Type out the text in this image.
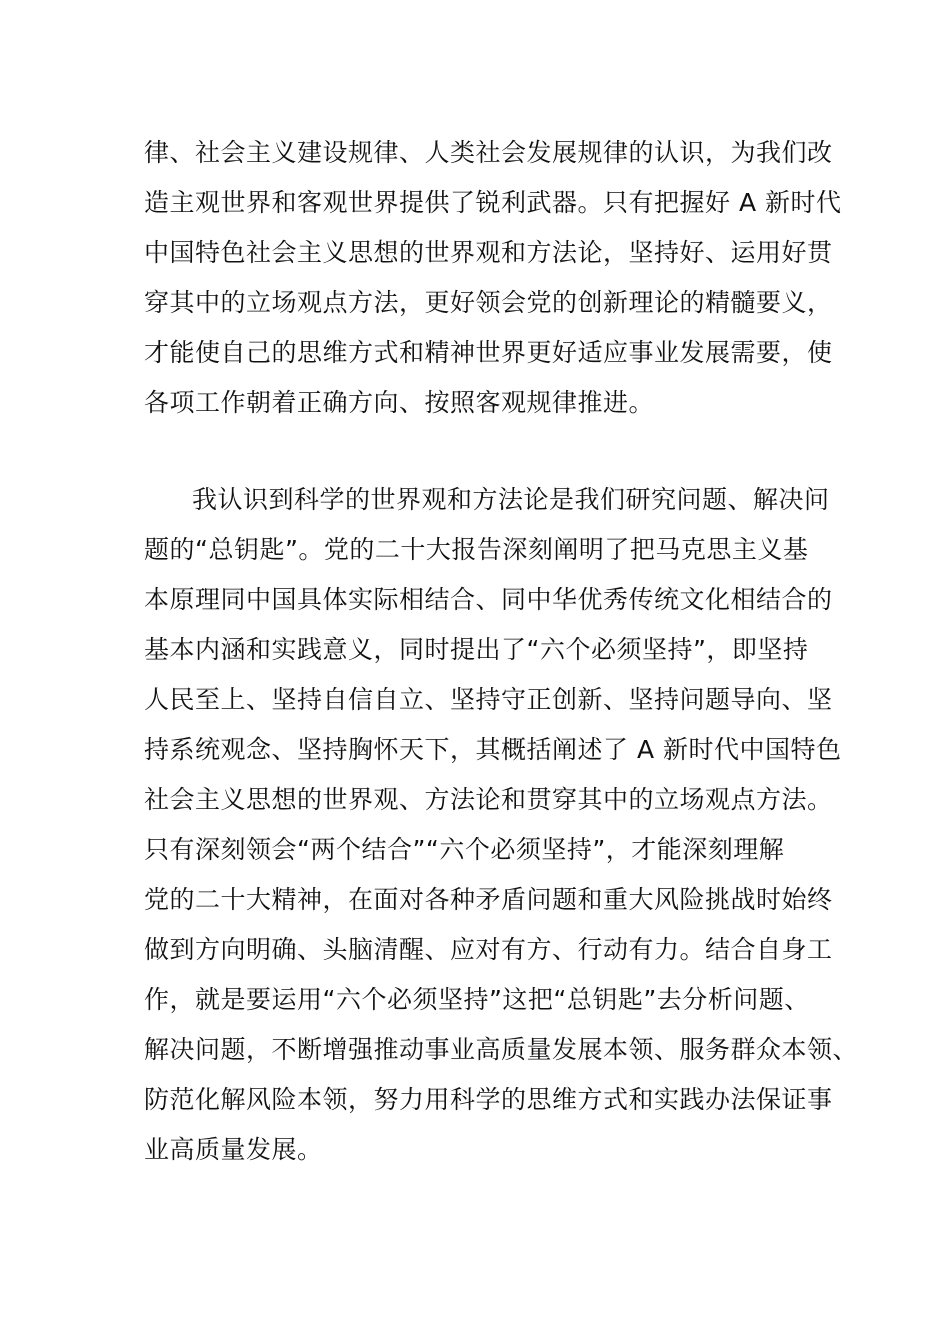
律、社会主义建设规律、人类社会发展规律的认识，为我们改
造主观世界和客观世界提供了锐利武器。只有把握好 A 新时代
中国特色社会主义思想的世界观和方法论，坚持好、运用好贯
穿其中的立场观点方法，更好领会党的创新理论的精髓要义，
才能使自己的思维方式和精神世界更好适应事业发展需要，使
各项工作朝着正确方向、按照客观规律推进。
我认识到科学的世界观和方法论是我们研究问题、解决问
题的“总钥匙”。党的二十大报告深刻阐明了把马克思主义基
本原理同中国具体实际相结合、同中华优秀传统文化相结合的
基本内涵和实践意义，同时提出了“六个必须坚持”，即坚持
人民至上、坚持自信自立、坚持守正创新、坚持问题导向、坚
持系统观念、坚持胸怀天下，其概括阐述了 A 新时代中国特色
社会主义思想的世界观、方法论和贯穿其中的立场观点方法。
只有深刻领会“两个结合”“六个必须坚持”，才能深刻理解
党的二十大精神，在面对各种矛盾问题和重大风险挑战时始终
做到方向明确、头脑清醒、应对有方、行动有力。结合自身工
作，就是要运用“六个必须坚持”这把“总钥匙”去分析问题、
解决问题，不断增强推动事业高质量发展本领、服务群众本领、
防范化解风险本领，努力用科学的思维方式和实践办法保证事
业高质量发展。
